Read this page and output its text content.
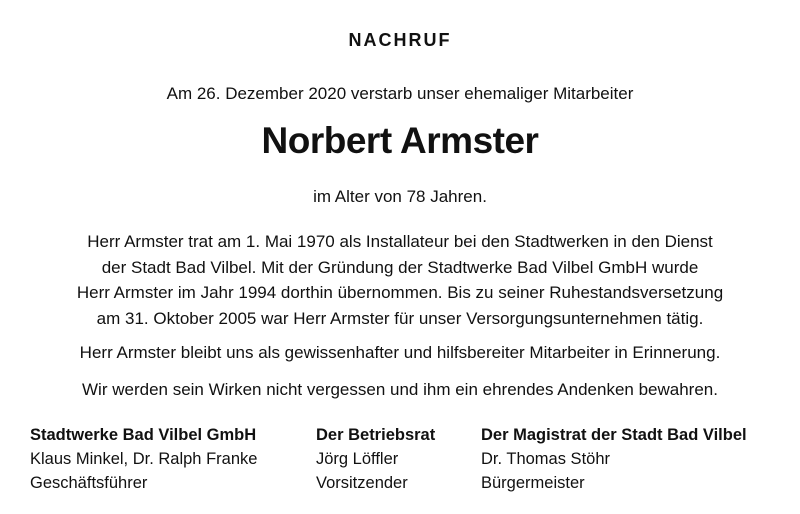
NACHRUF
Am 26. Dezember 2020 verstarb unser ehemaliger Mitarbeiter
Norbert Armster
im Alter von 78 Jahren.
Herr Armster trat am 1. Mai 1970 als Installateur bei den Stadtwerken in den Dienst
der Stadt Bad Vilbel. Mit der Gründung der Stadtwerke Bad Vilbel GmbH wurde
Herr Armster im Jahr 1994 dorthin übernommen. Bis zu seiner Ruhestandsversetzung
am 31. Oktober 2005 war Herr Armster für unser Versorgungsunternehmen tätig.
Herr Armster bleibt uns als gewissenhafter und hilfsbereiter Mitarbeiter in Erinnerung.
Wir werden sein Wirken nicht vergessen und ihm ein ehrendes Andenken bewahren.
Stadtwerke Bad Vilbel GmbH
Klaus Minkel, Dr. Ralph Franke
Geschäftsführer
Der Betriebsrat
Jörg Löffler
Vorsitzender
Der Magistrat der Stadt Bad Vilbel
Dr. Thomas Stöhr
Bürgermeister
